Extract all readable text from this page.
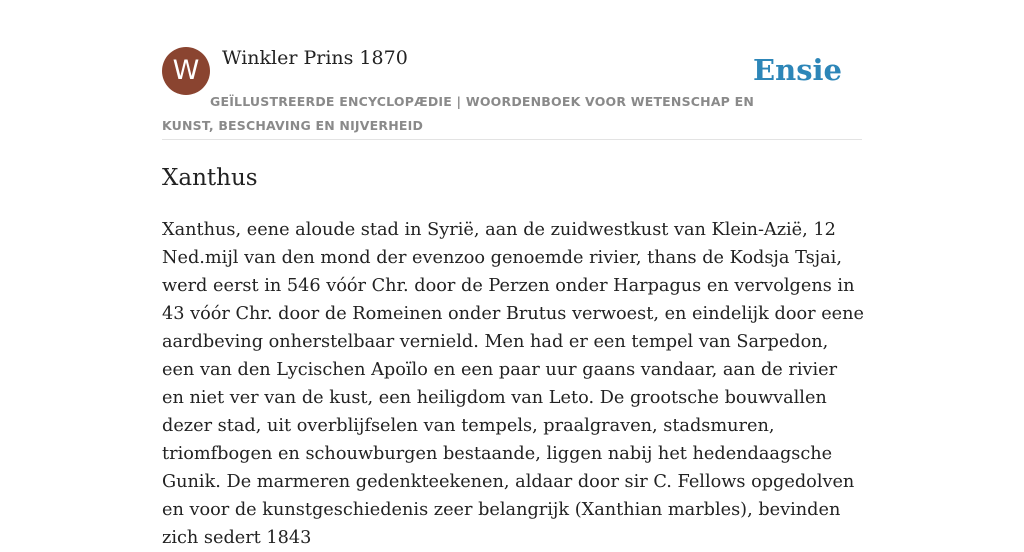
W	Winkler Prins 1870	Ensie
GEÏLLUSTREERDE ENCYCLOPÆDIE | WOORDENBOEK VOOR WETENSCHAP EN KUNST, BESCHAVING EN NIJVERHEID
Xanthus

Xanthus, eene aloude stad in Syrië, aan de zuidwestkust van Klein-Azië, 12 Ned.mijl van den mond der evenzoo genoemde rivier, thans de Kodsja Tsjai, werd eerst in 546 vóór Chr. door de Perzen onder Harpagus en vervolgens in 43 vóór Chr. door de Romeinen onder Brutus verwoest, en eindelijk door eene aardbeving onherstelbaar vernield. Men had er een tempel van Sarpedon, een van den Lycischen Apoïlo en een paar uur gaans vandaar, aan de rivier en niet ver van de kust, een heiligdom van Leto. De grootsche bouwvallen dezer stad, uit overblijfselen van tempels, praalgraven, stadsmuren, triomfbogen en schouwburgen bestaande, liggen nabij het hedendaagsche Gunik. De marmeren gedenkteekenen, aldaar door sir C. Fellows opgedolven en voor de kunstgeschiedenis zeer belangrijk (Xanthian marbles), bevinden zich sedert 1843
